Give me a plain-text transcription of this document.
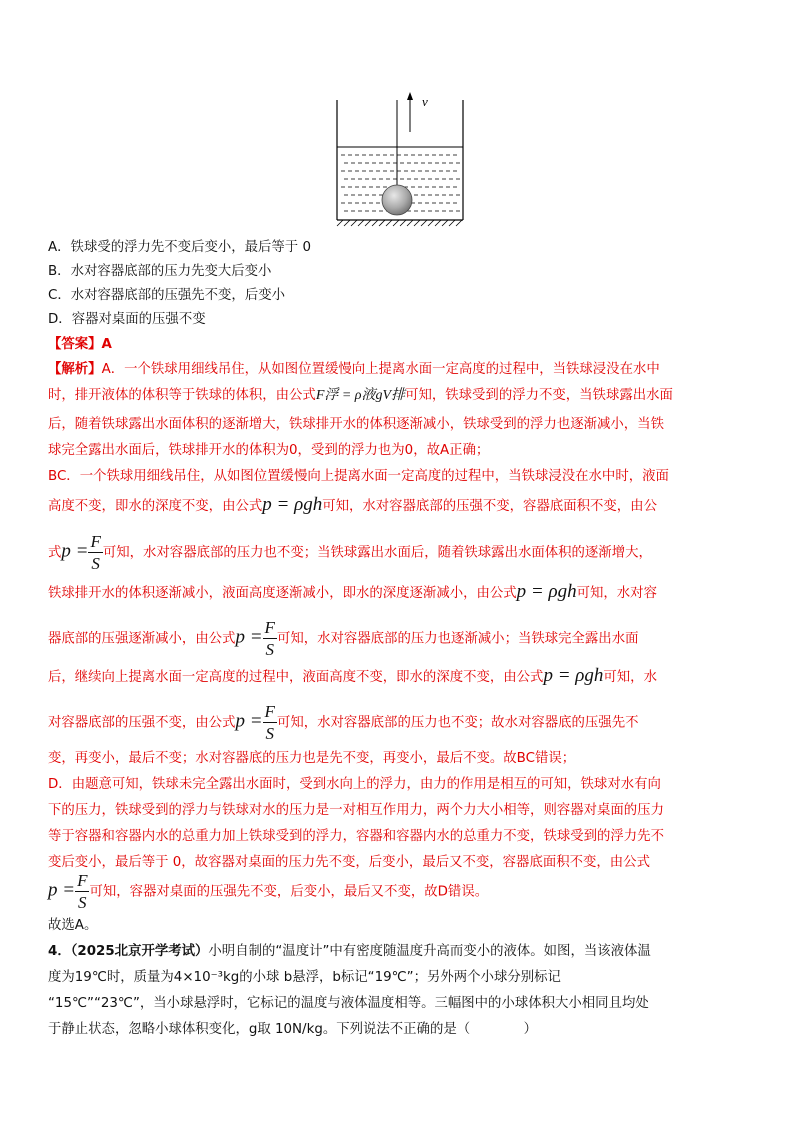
v
A．铁球受的浮力先不变后变小，最后等于 0
B．水对容器底部的压力先变大后变小
C．水对容器底部的压强先不变，后变小
D．容器对桌面的压强不变
【答案】A
【解析】A．一个铁球用细线吊住，从如图位置缓慢向上提离水面一定高度的过程中，当铁球浸没在水中
时，排开液体的体积等于铁球的体积，由公式F浮 = ρ液gV排可知，铁球受到的浮力不变，当铁球露出水面
后，随着铁球露出水面体积的逐渐增大，铁球排开水的体积逐渐减小，铁球受到的浮力也逐渐减小，当铁
球完全露出水面后，铁球排开水的体积为0，受到的浮力也为0，故A正确；
BC．一个铁球用细线吊住，从如图位置缓慢向上提离水面一定高度的过程中，当铁球浸没在水中时，液面
高度不变，即水的深度不变，由公式p = ρgh可知，水对容器底部的压强不变，容器底面积不变，由公
式$p = \frac{F}{S}$ 可知，水对容器底部的压力也不变；当铁球露出水面后，随着铁球露出水面体积的逐渐增大，
铁球排开水的体积逐渐减小，液面高度逐渐减小，即水的深度逐渐减小，由公式p = ρgh可知，水对容
器底部的压强逐渐减小，由公式$p = \frac{F}{S}$ 可知，水对容器底部的压力也逐渐减小；当铁球完全露出水面
后，继续向上提离水面一定高度的过程中，液面高度不变，即水的深度不变，由公式p = ρgh可知，水
对容器底部的压强不变，由公式$p = \frac{F}{S}$ 可知，水对容器底部的压力也不变；故水对容器底的压强先不
变，再变小，最后不变；水对容器底的压力也是先不变，再变小，最后不变。故BC错误；
D．由题意可知，铁球未完全露出水面时，受到水向上的浮力，由力的作用是相互的可知，铁球对水有向
下的压力，铁球受到的浮力与铁球对水的压力是一对相互作用力，两个力大小相等，则容器对桌面的压力
等于容器和容器内水的总重力加上铁球受到的浮力，容器和容器内水的总重力不变，铁球受到的浮力先不
变后变小，最后等于 0，故容器对桌面的压力先不变，后变小，最后又不变，容器底面积不变，由公式
$p = \frac{F}{S}$ 可知，容器对桌面的压强先不变，后变小，最后又不变，故D错误。
故选A。
4．（2025北京开学考试）小明自制的“温度计”中有密度随温度升高而变小的液体。如图，当该液体温
度为19℃时，质量为4×10⁻³kg的小球 b悬浮，b标记“19℃”；另外两个小球分别标记
“15℃”“23℃”，当小球悬浮时，它标记的温度与液体温度相等。三幅图中的小球体积大小相同且均处
于静止状态，忽略小球体积变化，g取 10N/kg。下列说法不正确的是（　　　　）
